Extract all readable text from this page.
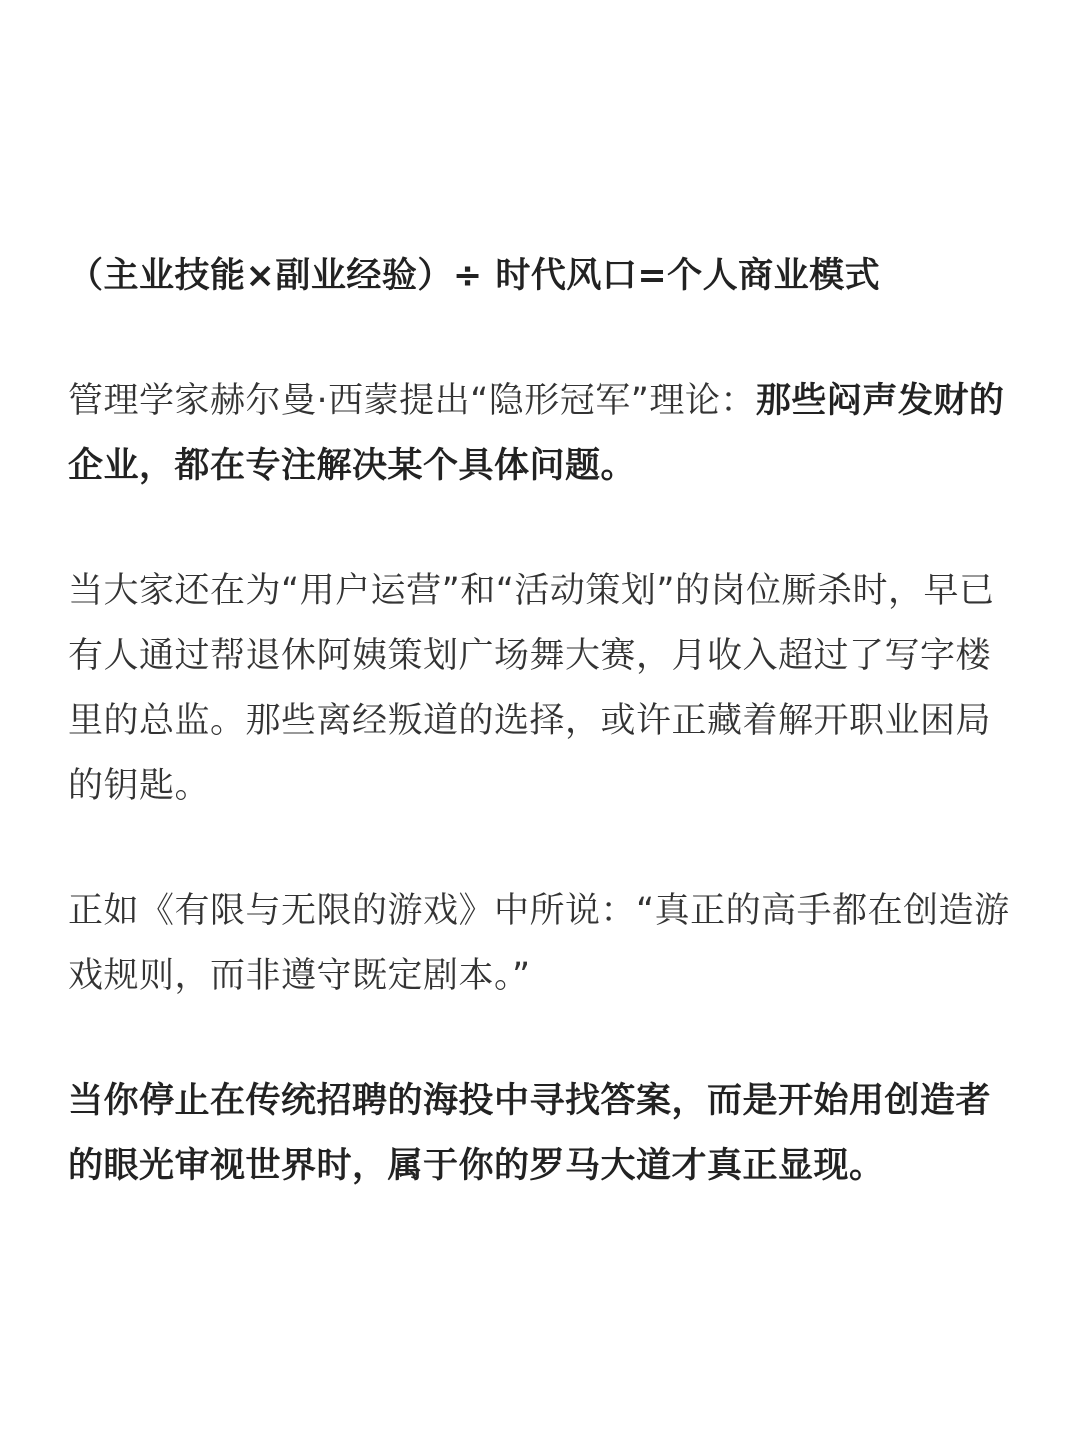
（主业技能×副业经验）÷ 时代风口=个人商业模式

管理学家赫尔曼·西蒙提出“隐形冠军”理论：那些闷声发财的企业，都在专注解决某个具体问题。

当大家还在为“用户运营”和“活动策划”的岗位厮杀时，早已有人通过帮退休阿姨策划广场舞大赛，月收入超过了写字楼里的总监。那些离经叛道的选择，或许正藏着解开职业困局的钥匙。

正如《有限与无限的游戏》中所说：“真正的高手都在创造游戏规则，而非遵守既定剧本。”

当你停止在传统招聘的海投中寻找答案，而是开始用创造者的眼光审视世界时，属于你的罗马大道才真正显现。
